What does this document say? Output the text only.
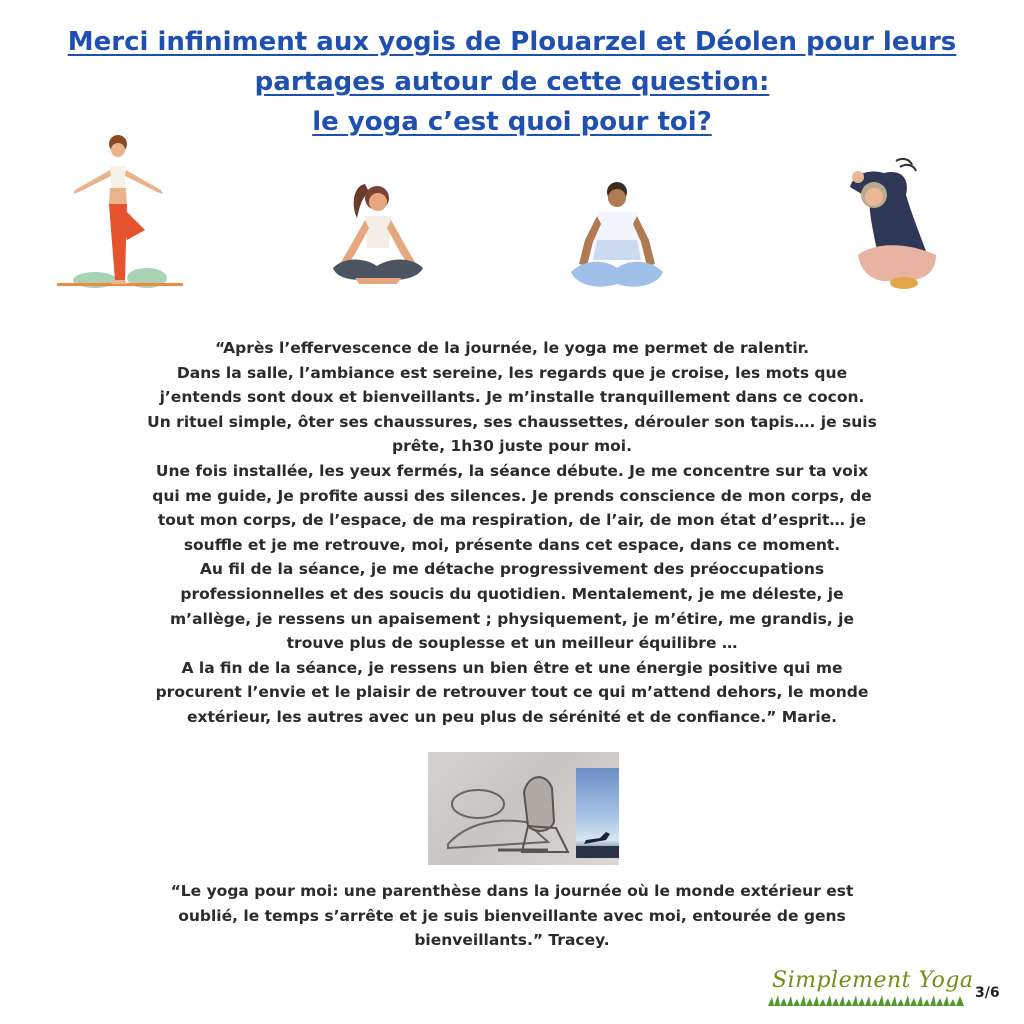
Merci infiniment aux yogis de Plouarzel et Déolen pour leurs
partages autour de cette question:
le yoga c’est quoi pour toi?
“Après l’effervescence de la journée, le yoga me permet de ralentir.
Dans la salle, l’ambiance est sereine, les regards que je croise, les mots que
j’entends sont doux et bienveillants. Je m’installe tranquillement dans ce cocon.
Un rituel simple, ôter ses chaussures, ses chaussettes, dérouler son tapis…. je suis
prête, 1h30 juste pour moi.
Une fois installée, les yeux fermés, la séance débute. Je me concentre sur ta voix
qui me guide, Je profite aussi des silences. Je prends conscience de mon corps, de
tout mon corps, de l’espace, de ma respiration, de l’air, de mon état d’esprit… je
souffle et je me retrouve, moi, présente dans cet espace, dans ce moment.
Au fil de la séance, je me détache progressivement des préoccupations
professionnelles et des soucis du quotidien. Mentalement, je me déleste, je
m’allège, je ressens un apaisement ; physiquement, je m’étire, me grandis, je
trouve plus de souplesse et un meilleur équilibre …
A la fin de la séance, je ressens un bien être et une énergie positive qui me
procurent l’envie et le plaisir de retrouver tout ce qui m’attend dehors, le monde
extérieur, les autres avec un peu plus de sérénité et de confiance.” Marie.
“Le yoga pour moi: une parenthèse dans la journée où le monde extérieur est
oublié, le temps s’arrête et je suis bienveillante avec moi, entourée de gens
bienveillants.” Tracey.
Simplement Yoga 3/6
